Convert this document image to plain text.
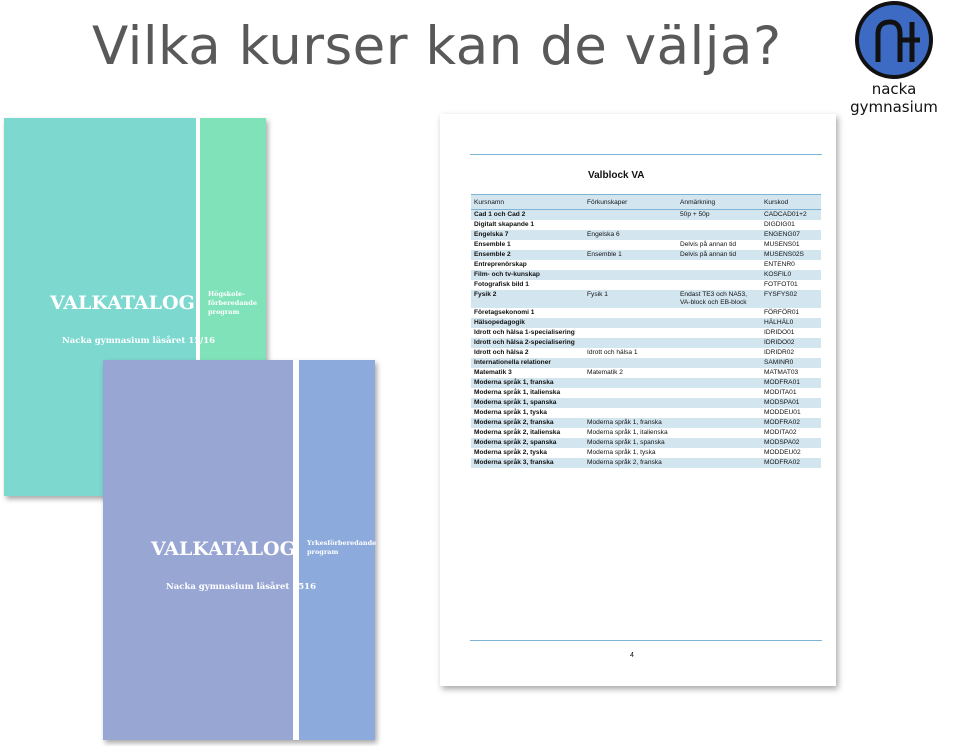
Vilka kurser kan de välja?
nacka gymnasium
VALKATALOG
Nacka gymnasium läsåret 15/16
Högskole-förberedande program
VALKATALOG
Nacka gymnasium läsåret 1516
Yrkesförberedande program
Valblock VA
Kursnamn	Förkunskaper	Anmärkning	Kurskod
Cad 1 och Cad 2		50p + 50p	CADCAD01+2
Digitalt skapande 1			DIGDIG01
Engelska 7	Engelska 6		ENGENG07
Ensemble 1		Delvis på annan tid	MUSENS01
Ensemble 2	Ensemble 1	Delvis på annan tid	MUSENS02S
Entreprenörskap			ENTENR0
Film- och tv-kunskap			KOSFIL0
Fotografisk bild 1			FOTFOT01
Fysik 2	Fysik 1	Endast TE3 och NA53, VA-block och EB-block	FYSFYS02
Företagsekonomi 1			FÖRFÖR01
Hälsopedagogik			HÄLHÄL0
Idrott och hälsa 1-specialisering			IDRIDO01
Idrott och hälsa 2-specialisering			IDRIDO02
Idrott och hälsa 2	Idrott och hälsa 1		IDRIDR02
Internationella relationer			SAMINR0
Matematik 3	Matematik 2		MATMAT03
Moderna språk 1, franska			MODFRA01
Moderna språk 1, italienska			MODITA01
Moderna språk 1, spanska			MODSPA01
Moderna språk 1, tyska			MODDEU01
Moderna språk 2, franska	Moderna språk 1, franska		MODFRA02
Moderna språk 2, italienska	Moderna språk 1, italienska		MODITA02
Moderna språk 2, spanska	Moderna språk 1, spanska		MODSPA02
Moderna språk 2, tyska	Moderna språk 1, tyska		MODDEU02
Moderna språk 3, franska	Moderna språk 2, franska		MODFRA02
4
